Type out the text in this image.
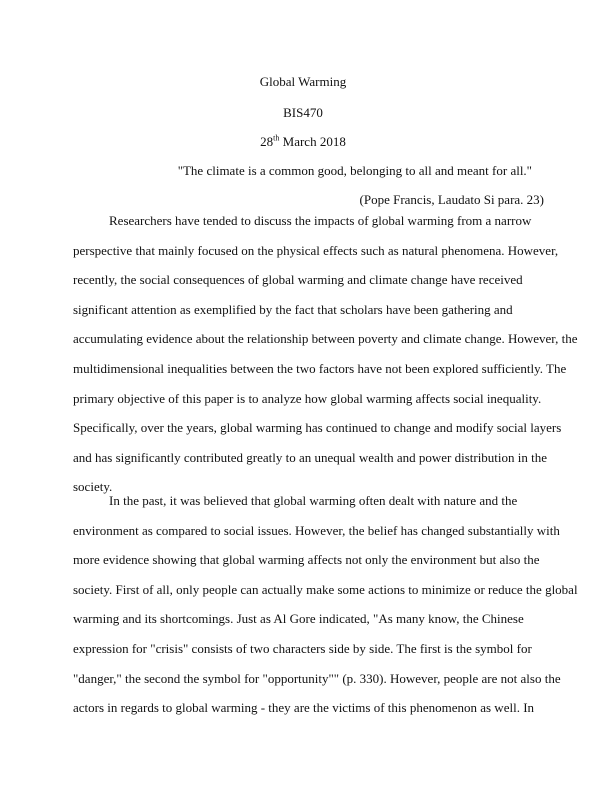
Global Warming
BIS470
28th March 2018
"The climate is a common good, belonging to all and meant for all."
(Pope Francis, Laudato Si para. 23)
Researchers have tended to discuss the impacts of global warming from a narrow
perspective that mainly focused on the physical effects such as natural phenomena. However,
recently, the social consequences of global warming and climate change have received
significant attention as exemplified by the fact that scholars have been gathering and
accumulating evidence about the relationship between poverty and climate change. However, the
multidimensional inequalities between the two factors have not been explored sufficiently. The
primary objective of this paper is to analyze how global warming affects social inequality.
Specifically, over the years, global warming has continued to change and modify social layers
and has significantly contributed greatly to an unequal wealth and power distribution in the
society.
In the past, it was believed that global warming often dealt with nature and the
environment as compared to social issues. However, the belief has changed substantially with
more evidence showing that global warming affects not only the environment but also the
society. First of all, only people can actually make some actions to minimize or reduce the global
warming and its shortcomings. Just as Al Gore indicated, "As many know, the Chinese
expression for "crisis" consists of two characters side by side. The first is the symbol for
"danger," the second the symbol for "opportunity"" (p. 330). However, people are not also the
actors in regards to global warming - they are the victims of this phenomenon as well. In
